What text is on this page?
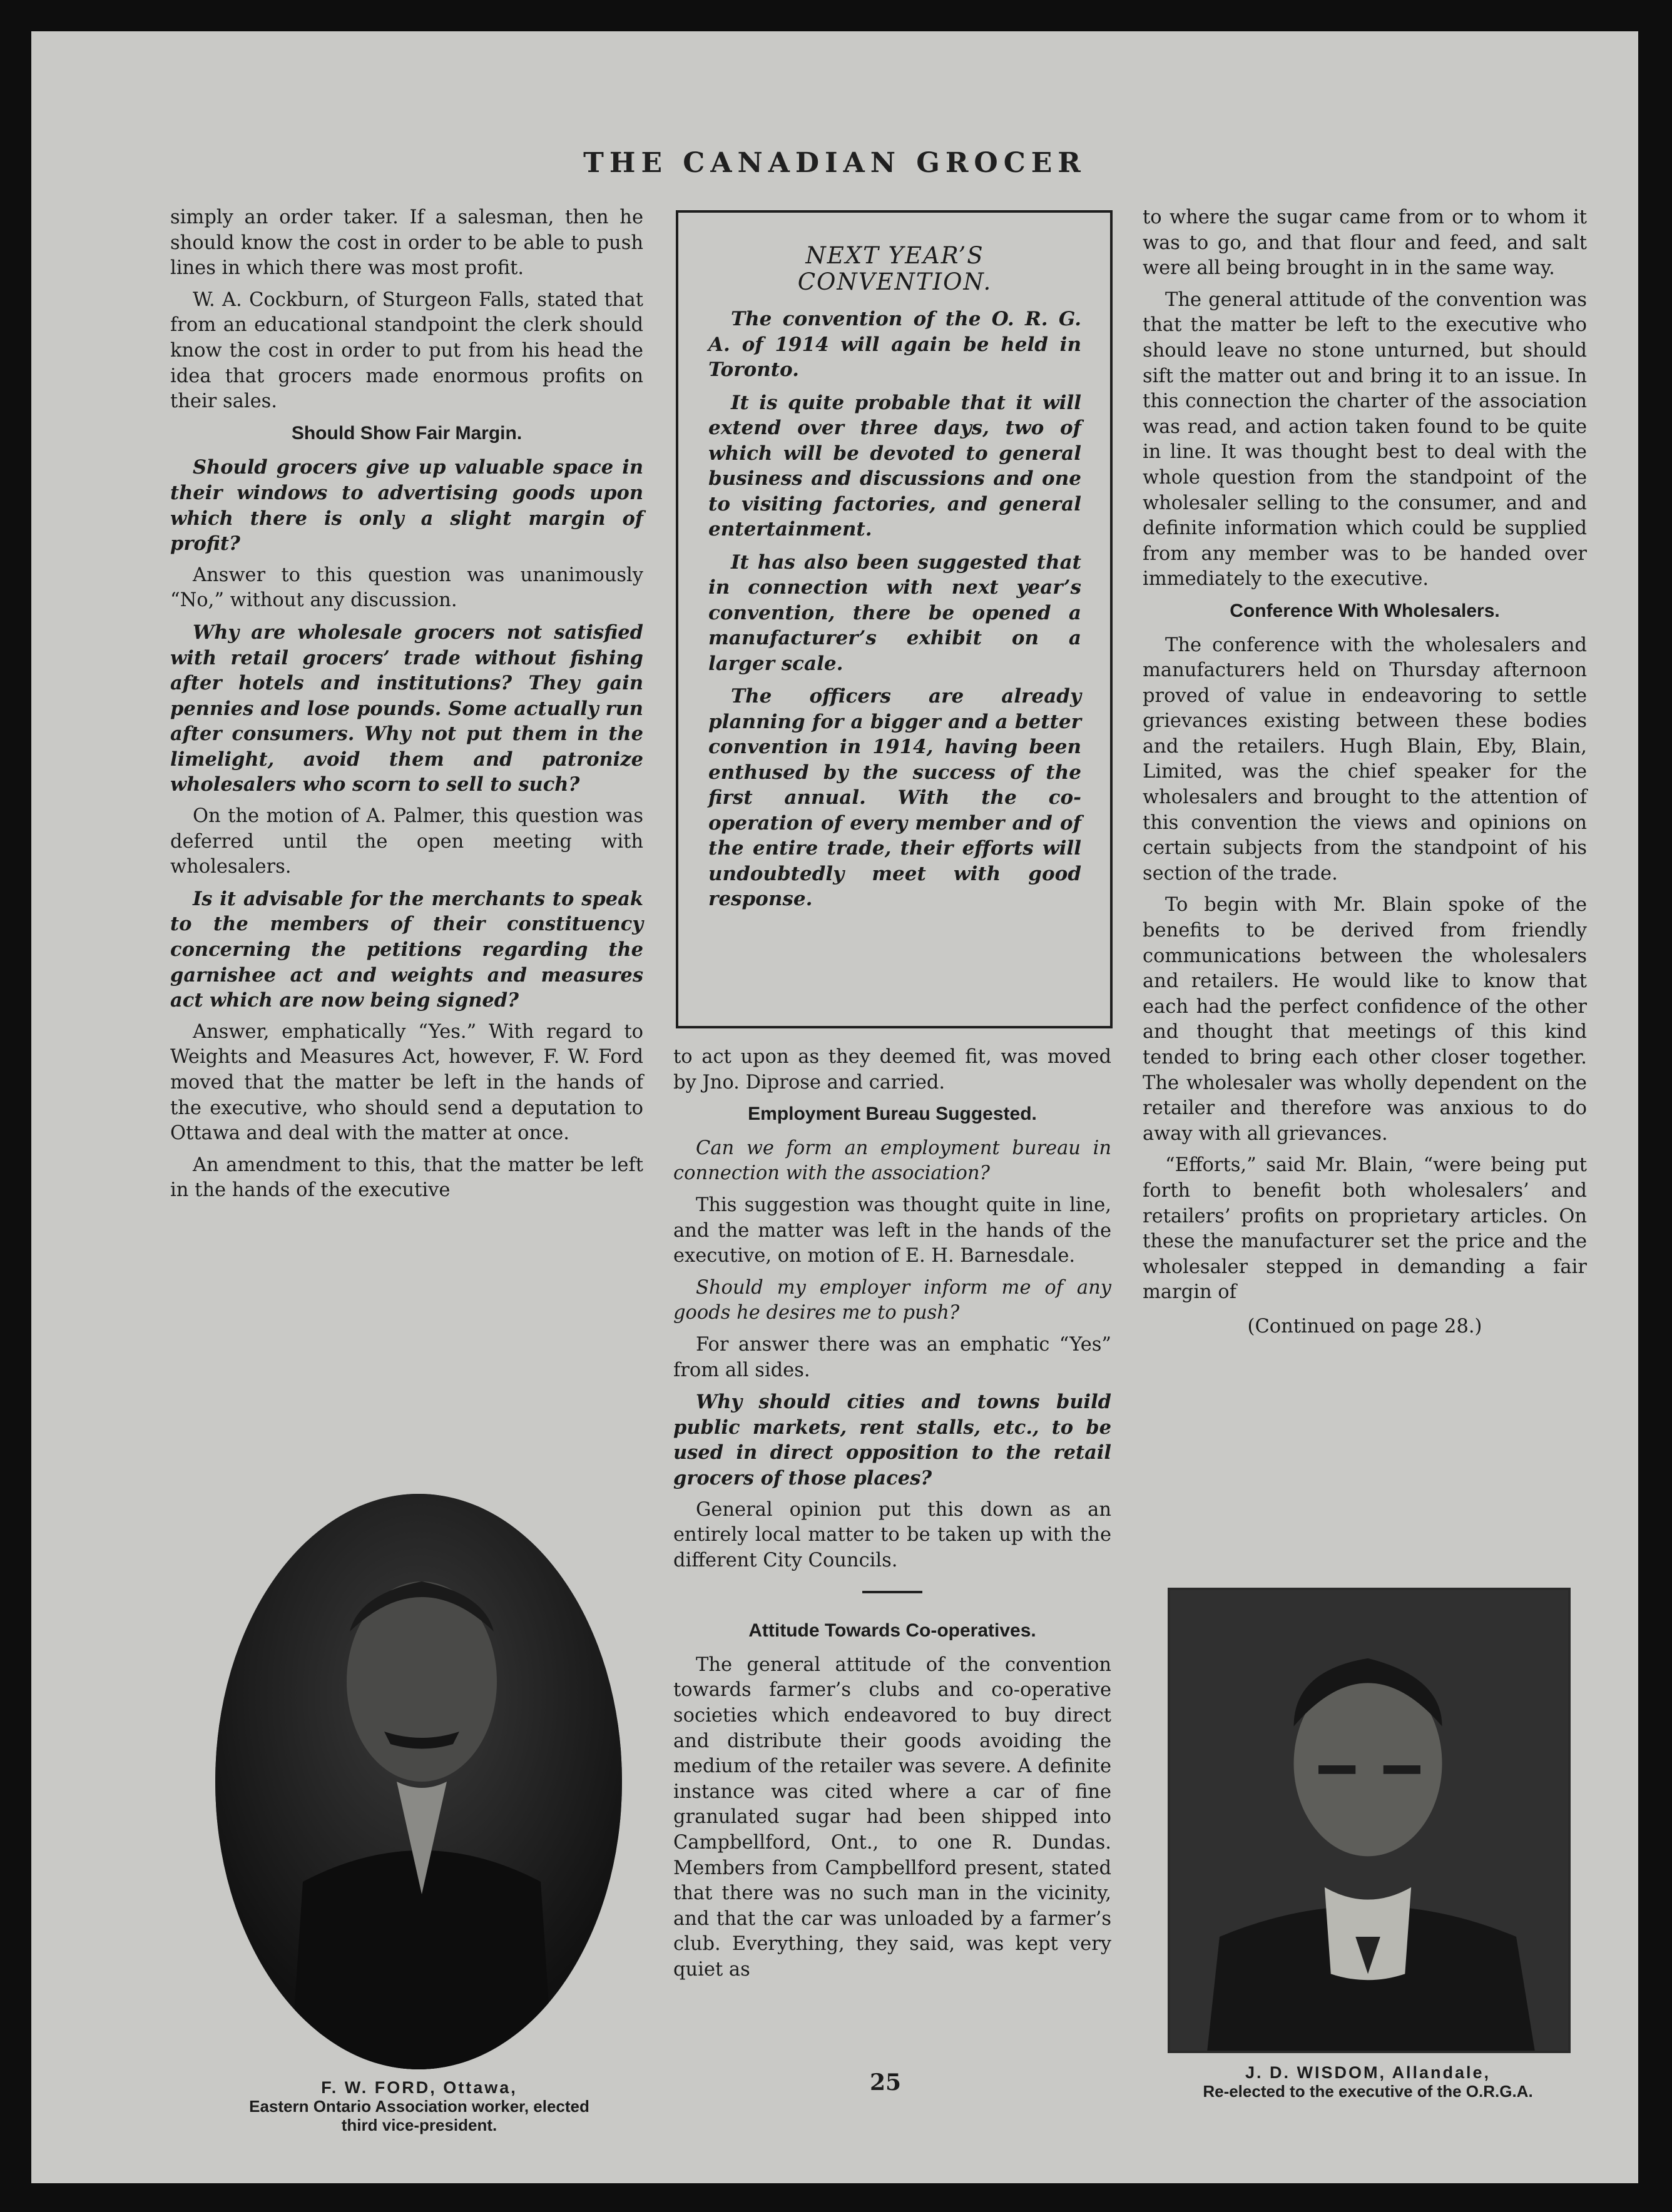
THE CANADIAN GROCER

simply an order taker. If a salesman, then he should know the cost in order to be able to push lines in which there was most profit.

W. A. Cockburn, of Sturgeon Falls, stated that from an educational standpoint the clerk should know the cost in order to put from his head the idea that grocers made enormous profits on their sales.

Should Show Fair Margin.

Should grocers give up valuable space in their windows to advertising goods upon which there is only a slight margin of profit?

Answer to this question was unanimously “No,” without any discussion.

Why are wholesale grocers not satisfied with retail grocers’ trade without fishing after hotels and institutions? They gain pennies and lose pounds. Some actually run after consumers. Why not put them in the limelight, avoid them and patronize wholesalers who scorn to sell to such?

On the motion of A. Palmer, this question was deferred until the open meeting with wholesalers.

Is it advisable for the merchants to speak to the members of their constituency concerning the petitions regarding the garnishee act and weights and measures act which are now being signed?

Answer, emphatically “Yes.” With regard to Weights and Measures Act, however, F. W. Ford moved that the matter be left in the hands of the executive, who should send a deputation to Ottawa and deal with the matter at once.

An amendment to this, that the matter be left in the hands of the executive

NEXT YEAR’S CONVENTION.

The convention of the O. R. G. A. of 1914 will again be held in Toronto.

It is quite probable that it will extend over three days, two of which will be devoted to general business and discussions and one to visiting factories, and general entertainment.

It has also been suggested that in connection with next year’s convention, there be opened a manufacturer’s exhibit on a larger scale.

The officers are already planning for a bigger and a better convention in 1914, having been enthused by the success of the first annual. With the co-operation of every member and of the entire trade, their efforts will undoubtedly meet with good response.

to act upon as they deemed fit, was moved by Jno. Diprose and carried.

Employment Bureau Suggested.

Can we form an employment bureau in connection with the association?

This suggestion was thought quite in line, and the matter was left in the hands of the executive, on motion of E. H. Barnesdale.

Should my employer inform me of any goods he desires me to push?

For answer there was an emphatic “Yes” from all sides.

Why should cities and towns build public markets, rent stalls, etc., to be used in direct opposition to the retail grocers of those places?

General opinion put this down as an entirely local matter to be taken up with the different City Councils.

Attitude Towards Co-operatives.

The general attitude of the convention towards farmer’s clubs and co-operative societies which endeavored to buy direct and distribute their goods avoiding the medium of the retailer was severe. A definite instance was cited where a car of fine granulated sugar had been shipped into Campbellford, Ont., to one R. Dundas. Members from Campbellford present, stated that there was no such man in the vicinity, and that the car was unloaded by a farmer’s club. Everything, they said, was kept very quiet as

to where the sugar came from or to whom it was to go, and that flour and feed, and salt were all being brought in in the same way.

The general attitude of the convention was that the matter be left to the executive who should leave no stone unturned, but should sift the matter out and bring it to an issue. In this connection the charter of the association was read, and action taken found to be quite in line. It was thought best to deal with the whole question from the standpoint of the wholesaler selling to the consumer, and and definite information which could be supplied from any member was to be handed over immediately to the executive.

Conference With Wholesalers.

The conference with the wholesalers and manufacturers held on Thursday afternoon proved of value in endeavoring to settle grievances existing between these bodies and the retailers. Hugh Blain, Eby, Blain, Limited, was the chief speaker for the wholesalers and brought to the attention of this convention the views and opinions on certain subjects from the standpoint of his section of the trade.

To begin with Mr. Blain spoke of the benefits to be derived from friendly communications between the wholesalers and retailers. He would like to know that each had the perfect confidence of the other and thought that meetings of this kind tended to bring each other closer together. The wholesaler was wholly dependent on the retailer and therefore was anxious to do away with all grievances.

“Efforts,” said Mr. Blain, “were being put forth to benefit both wholesalers’ and retailers’ profits on proprietary articles. On these the manufacturer set the price and the wholesaler stepped in demanding a fair margin of

(Continued on page 28.)

F. W. FORD, Ottawa,
Eastern Ontario Association worker, elected
third vice-president.
J. D. WISDOM, Allandale,
Re-elected to the executive of the O.R.G.A.
25
